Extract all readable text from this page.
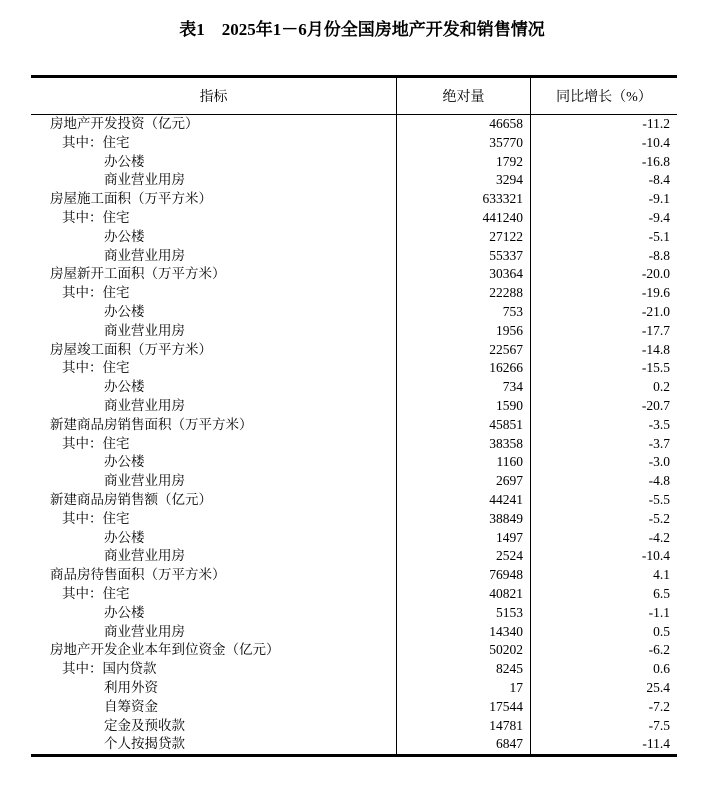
表1　2025年1－6月份全国房地产开发和销售情况
指标	绝对量	同比增长（%）
房地产开发投资（亿元）	46658	-11.2
其中：住宅	35770	-10.4
办公楼	1792	-16.8
商业营业用房	3294	-8.4
房屋施工面积（万平方米）	633321	-9.1
其中：住宅	441240	-9.4
办公楼	27122	-5.1
商业营业用房	55337	-8.8
房屋新开工面积（万平方米）	30364	-20.0
其中：住宅	22288	-19.6
办公楼	753	-21.0
商业营业用房	1956	-17.7
房屋竣工面积（万平方米）	22567	-14.8
其中：住宅	16266	-15.5
办公楼	734	0.2
商业营业用房	1590	-20.7
新建商品房销售面积（万平方米）	45851	-3.5
其中：住宅	38358	-3.7
办公楼	1160	-3.0
商业营业用房	2697	-4.8
新建商品房销售额（亿元）	44241	-5.5
其中：住宅	38849	-5.2
办公楼	1497	-4.2
商业营业用房	2524	-10.4
商品房待售面积（万平方米）	76948	4.1
其中：住宅	40821	6.5
办公楼	5153	-1.1
商业营业用房	14340	0.5
房地产开发企业本年到位资金（亿元）	50202	-6.2
其中：国内贷款	8245	0.6
利用外资	17	25.4
自筹资金	17544	-7.2
定金及预收款	14781	-7.5
个人按揭贷款	6847	-11.4
